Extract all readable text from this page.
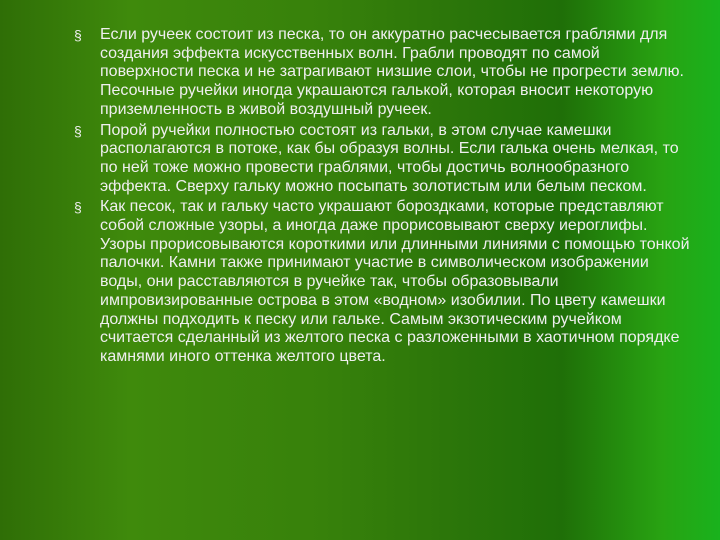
§	Если ручеек состоит из песка, то он аккуратно расчесывается граблями для создания эффекта искусственных волн. Грабли проводят по самой поверхности песка и не затрагивают низшие слои, чтобы не прогрести землю. Песочные ручейки иногда украшаются галькой, которая вносит некоторую приземленность в живой воздушный ручеек.

§	Порой ручейки полностью состоят из гальки, в этом случае камешки располагаются в потоке, как бы образуя волны. Если галька очень мелкая, то по ней тоже можно провести граблями, чтобы достичь волнообразного эффекта. Сверху гальку можно посыпать золотистым или белым песком.

§	Как песок, так и гальку часто украшают бороздками, которые представляют собой сложные узоры, а иногда даже прорисовывают сверху иероглифы. Узоры прорисовываются короткими или длинными линиями с помощью тонкой палочки. Камни также принимают участие в символическом изображении воды, они расставляются в ручейке так, чтобы образовывали импровизированные острова в этом «водном» изобилии. По цвету камешки должны подходить к песку или гальке. Самым экзотическим ручейком считается сделанный из желтого песка с разложенными в хаотичном порядке камнями иного оттенка желтого цвета.
